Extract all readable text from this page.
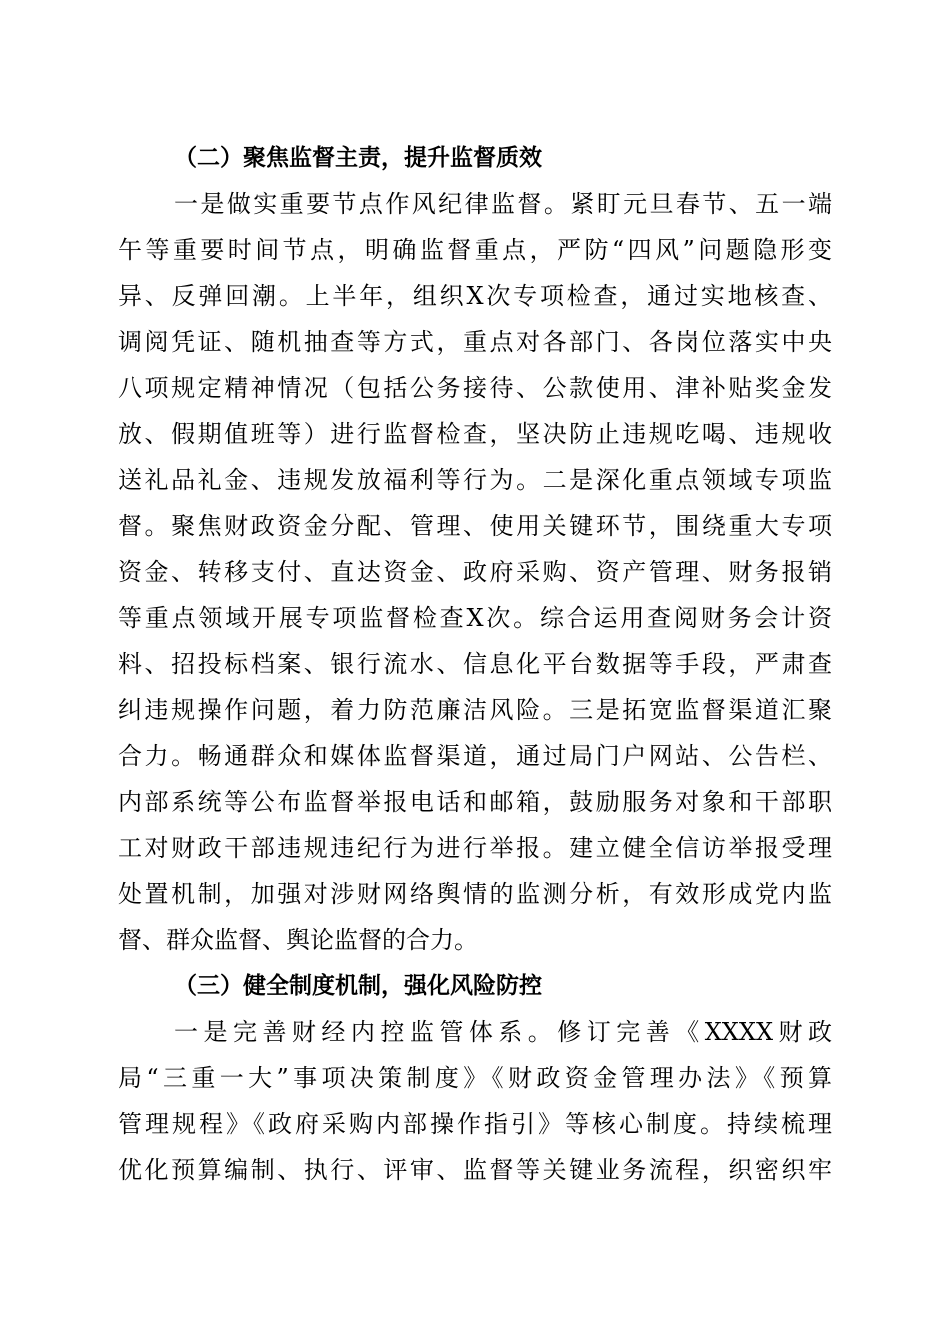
（二）聚焦监督主责，提升监督质效
一是做实重要节点作风纪律监督。紧盯元旦春节、五一端
午等重要时间节点，明确监督重点，严防“四风”问题隐形变
异、反弹回潮。上半年，组织X次专项检查，通过实地核查、
调阅凭证、随机抽查等方式，重点对各部门、各岗位落实中央
八项规定精神情况（包括公务接待、公款使用、津补贴奖金发
放、假期值班等）进行监督检查，坚决防止违规吃喝、违规收
送礼品礼金、违规发放福利等行为。二是深化重点领域专项监
督。聚焦财政资金分配、管理、使用关键环节，围绕重大专项
资金、转移支付、直达资金、政府采购、资产管理、财务报销
等重点领域开展专项监督检查X次。综合运用查阅财务会计资
料、招投标档案、银行流水、信息化平台数据等手段，严肃查
纠违规操作问题，着力防范廉洁风险。三是拓宽监督渠道汇聚
合力。畅通群众和媒体监督渠道，通过局门户网站、公告栏、
内部系统等公布监督举报电话和邮箱，鼓励服务对象和干部职
工对财政干部违规违纪行为进行举报。建立健全信访举报受理
处置机制，加强对涉财网络舆情的监测分析，有效形成党内监
督、群众监督、舆论监督的合力。
（三）健全制度机制，强化风险防控
一是完善财经内控监管体系。修订完善《XXXX财政
局“三重一大”事项决策制度》《财政资金管理办法》《预算
管理规程》《政府采购内部操作指引》等核心制度。持续梳理
优化预算编制、执行、评审、监督等关键业务流程，织密织牢
